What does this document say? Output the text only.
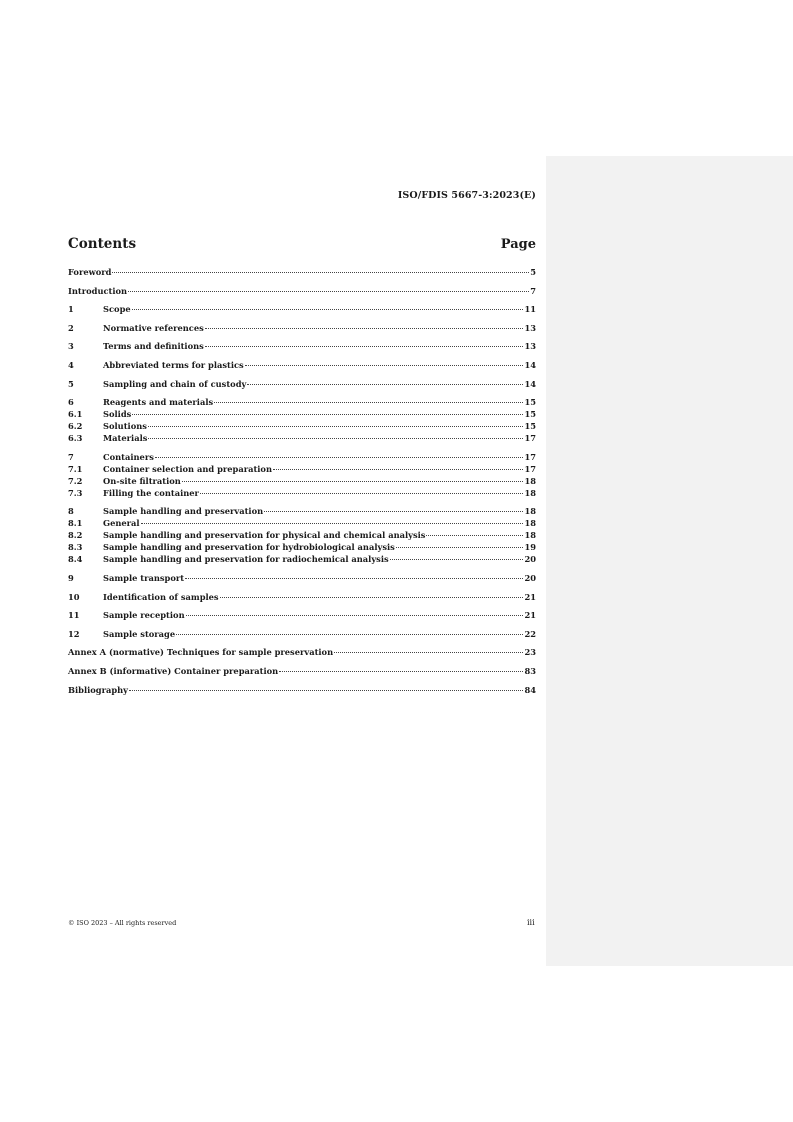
ISO/FDIS 5667-3:2023(E)
Contents	Page
Foreword	5
Introduction	7
1	Scope	11
2	Normative references	13
3	Terms and definitions	13
4	Abbreviated terms for plastics	14
5	Sampling and chain of custody	14
6	Reagents and materials	15
6.1	Solids	15
6.2	Solutions	15
6.3	Materials	17
7	Containers	17
7.1	Container selection and preparation	17
7.2	On-site filtration	18
7.3	Filling the container	18
8	Sample handling and preservation	18
8.1	General	18
8.2	Sample handling and preservation for physical and chemical analysis	18
8.3	Sample handling and preservation for hydrobiological analysis	19
8.4	Sample handling and preservation for radiochemical analysis	20
9	Sample transport	20
10	Identification of samples	21
11	Sample reception	21
12	Sample storage	22
Annex A (normative) Techniques for sample preservation	23
Annex B (informative) Container preparation	83
Bibliography	84
© ISO 2023 – All rights reserved	iii
